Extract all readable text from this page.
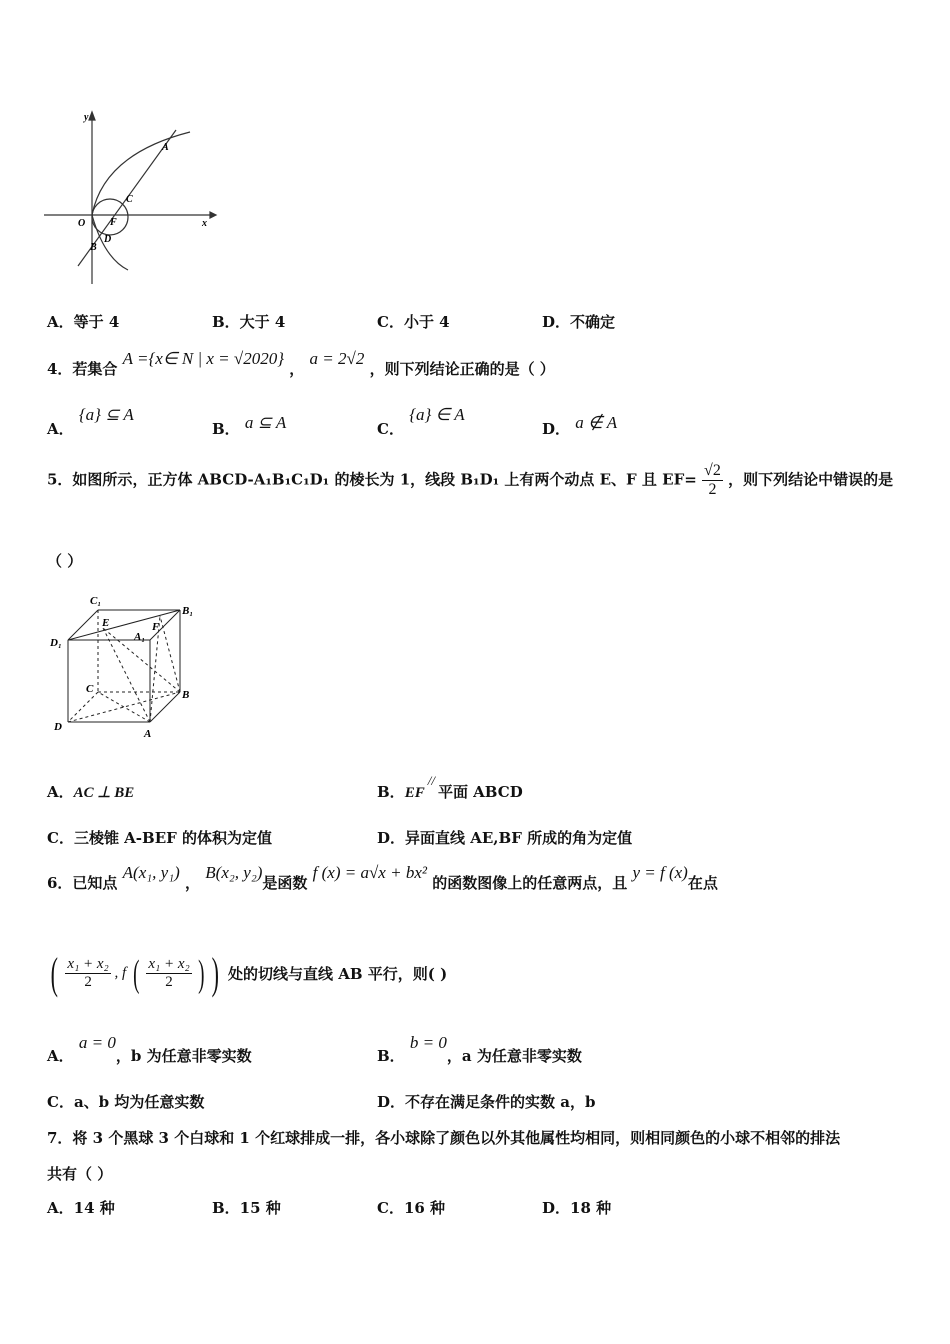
y
x
O F
C
A
D
B
A．等于 4	B．大于 4	C．小于 4	D．不确定
4．若集合 A ={x∈ N | x = √2020} ， a = 2√2 ，则下列结论正确的是（ ）
A． {a} ⊆ A
B． a ⊆ A	C． {a} ∈ A
D． a ∉ A
5．如图所示，正方体 ABCD-A₁B₁C₁D₁ 的棱长为 1，线段 B₁D₁ 上有两个动点 E、F 且 $EF= \frac{√2}{2}$ ，则下列结论中错误的是
（ ）
C₁
B₁
D₁
E	F
A₁
C	B
D
A
A．AC ⊥ BE	B．EF//平面 ABCD
C．三棱锥 A-BEF 的体积为定值	D．异面直线 AE,BF 所成的角为定值
6．已知点 A(x₁, y₁) ， B(x₂, y₂)是函数 f (x) = a√x + bx² 的函数图像上的任意两点，且 y = f (x)在点
( $\frac{\text{x₁ + x₂}}{2}$ , f ( $\frac{\text{x₁ + x₂}}{2}$ ) ) 处的切线与直线 AB 平行，则( )
A． a = 0，b 为任意非零实数	B． b = 0，a 为任意非零实数
C．a、b 均为任意实数	D．不存在满足条件的实数 a，b
7．将 3 个黑球 3 个白球和 1 个红球排成一排，各小球除了颜色以外其他属性均相同，则相同颜色的小球不相邻的排法
共有（ ）
A．14 种	B．15 种	C．16 种	D．18 种
